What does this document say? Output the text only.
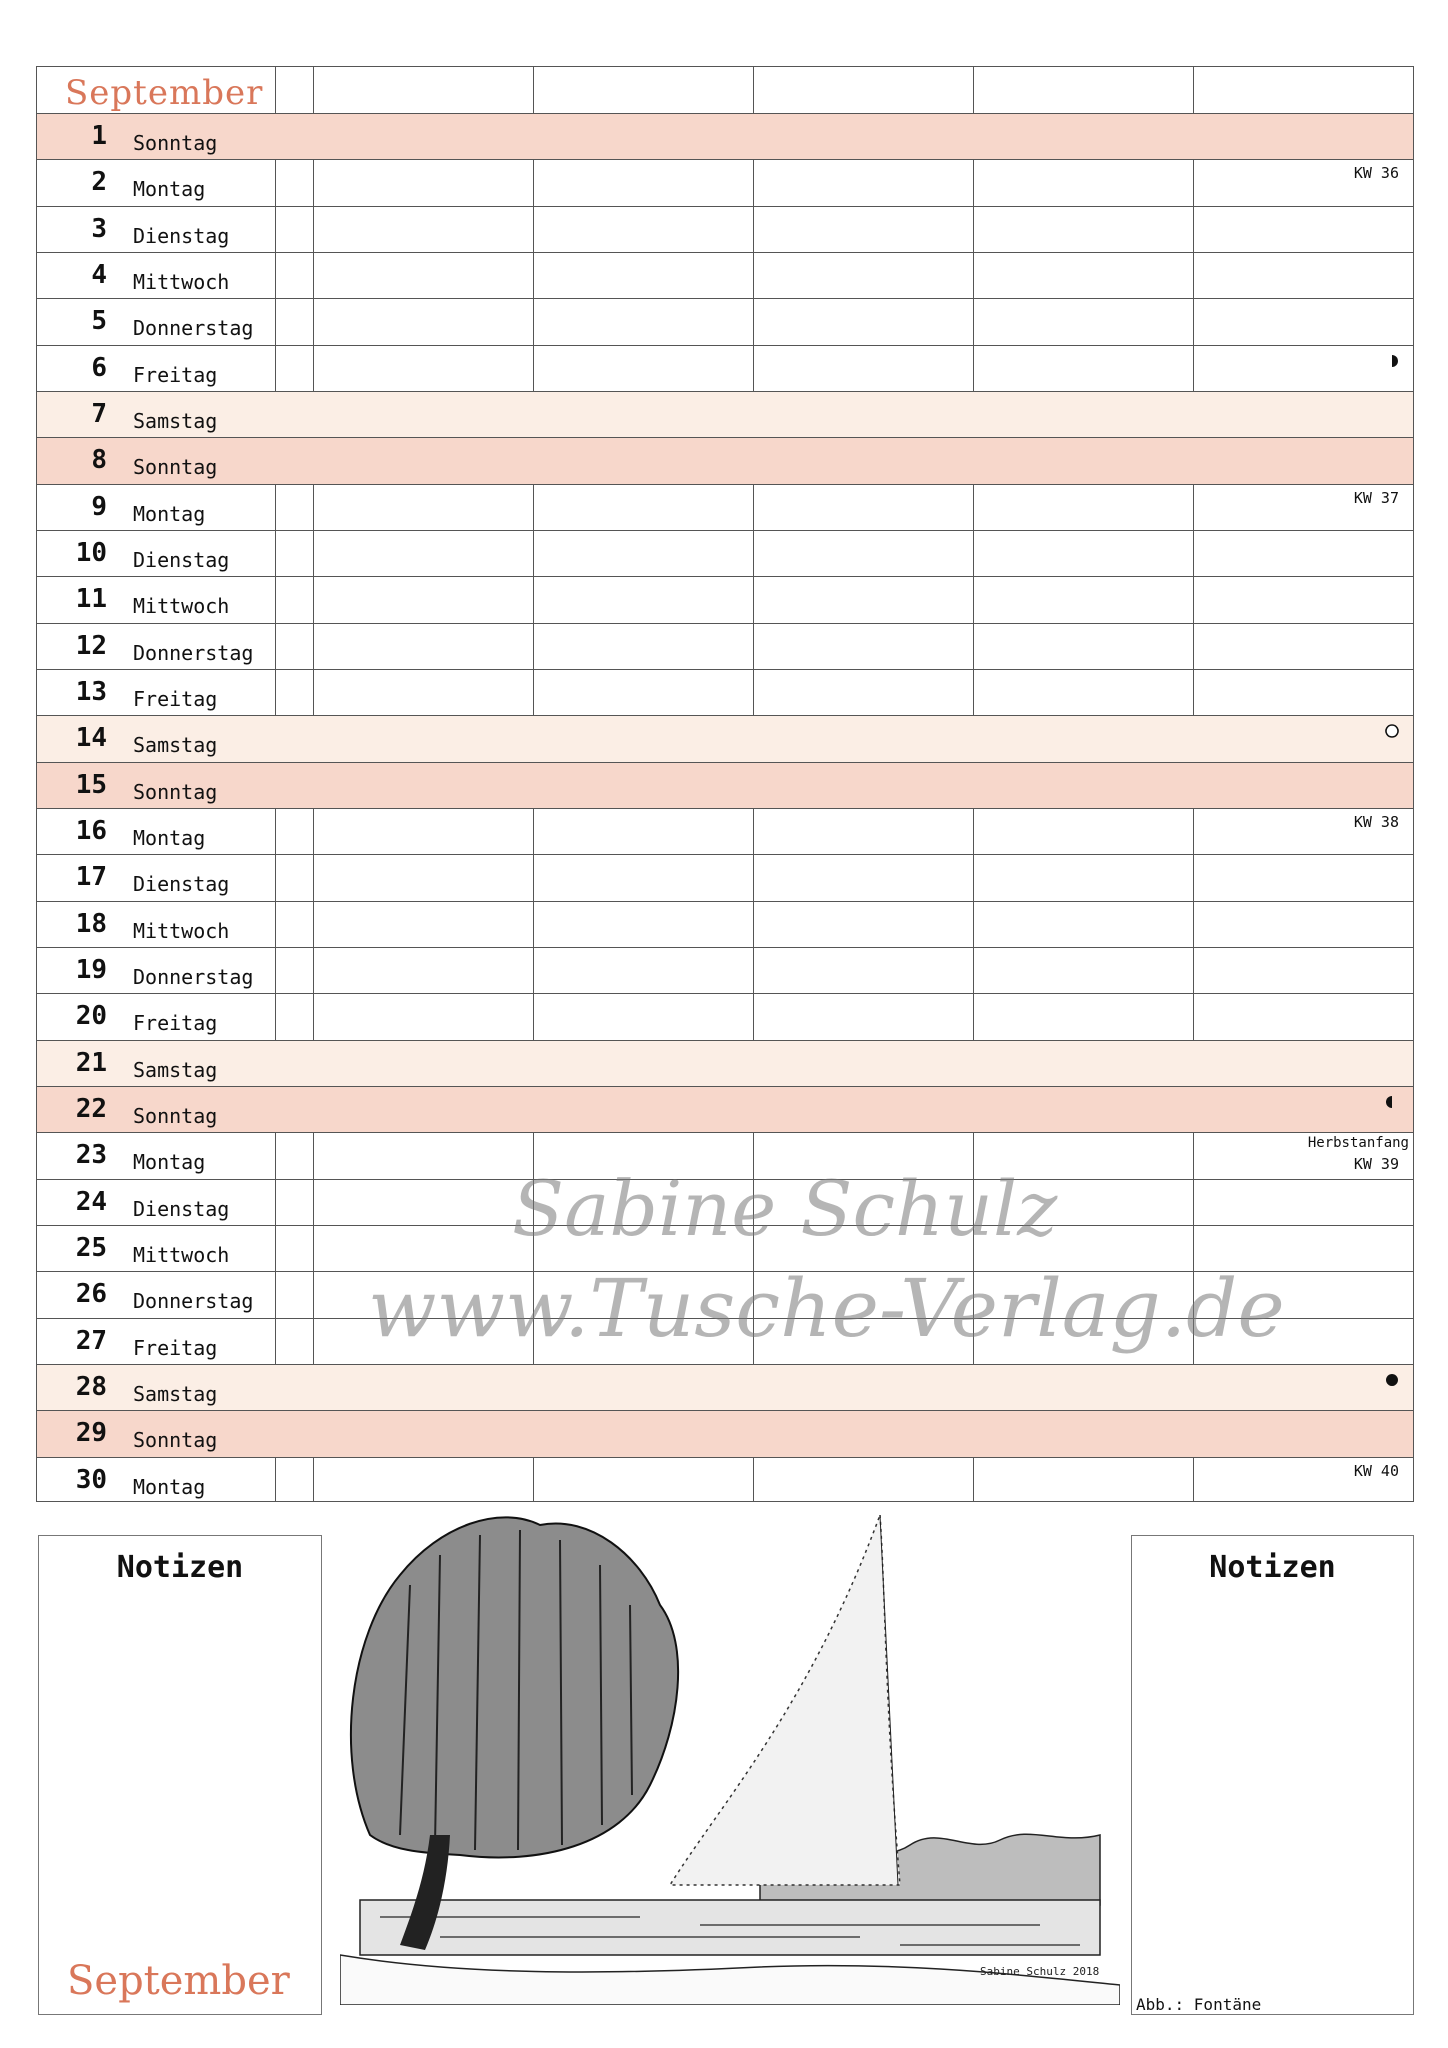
September
1 Sonntag
2 Montag
KW 36
3 Dienstag
4 Mittwoch
5 Donnerstag
6 Freitag
7 Samstag
8 Sonntag
9 Montag
KW 37
10 Dienstag
11 Mittwoch
12 Donnerstag
13 Freitag
14 Samstag
15 Sonntag
16 Montag
KW 38
17 Dienstag
18 Mittwoch
19 Donnerstag
20 Freitag
21 Samstag
22 Sonntag
23 Montag
Herbstanfang
KW 39
24 Dienstag
25 Mittwoch
26 Donnerstag
27 Freitag
28 Samstag
29 Sonntag
30 Montag
KW 40
Sabine Schulz
www.Tusche-Verlag.de
Notizen
September
Notizen
Abb.: Fontäne
Sabine Schulz 2018
